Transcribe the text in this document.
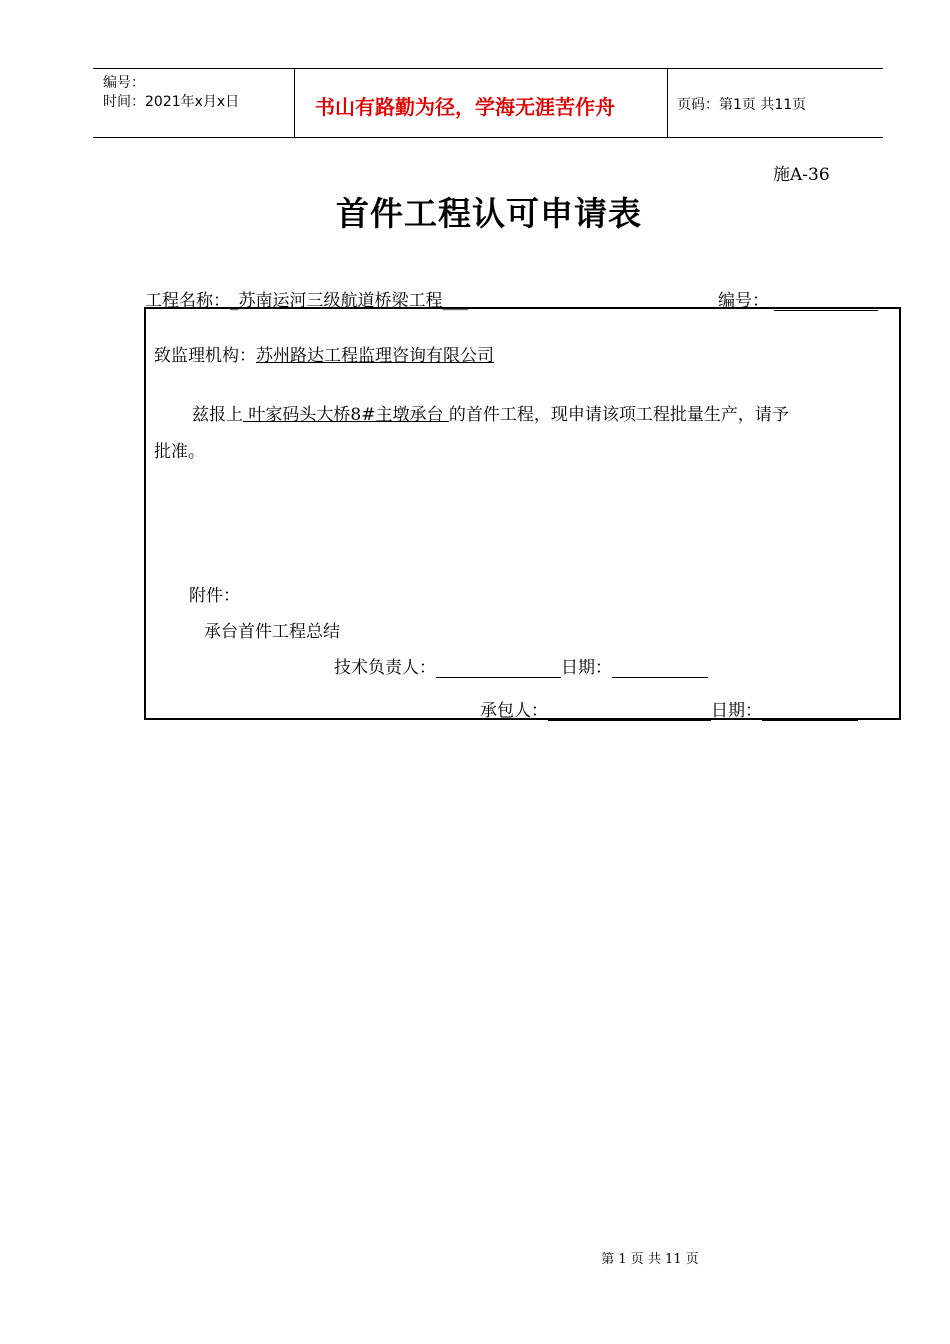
编号：
时间：2021年x月x日	书山有路勤为径，学海无涯苦作舟	页码：第1页 共11页
施A-36
首件工程认可申请表
工程名称：_苏南运河三级航道桥梁工程___	编号：
致监理机构：苏州路达工程监理咨询有限公司
兹报上 叶家码头大桥8#主墩承台 的首件工程，现申请该项工程批量生产，请予
批准。
附件：
承台首件工程总结
技术负责人：	日期：
承包人：	日期：
第 1 页 共 11 页
